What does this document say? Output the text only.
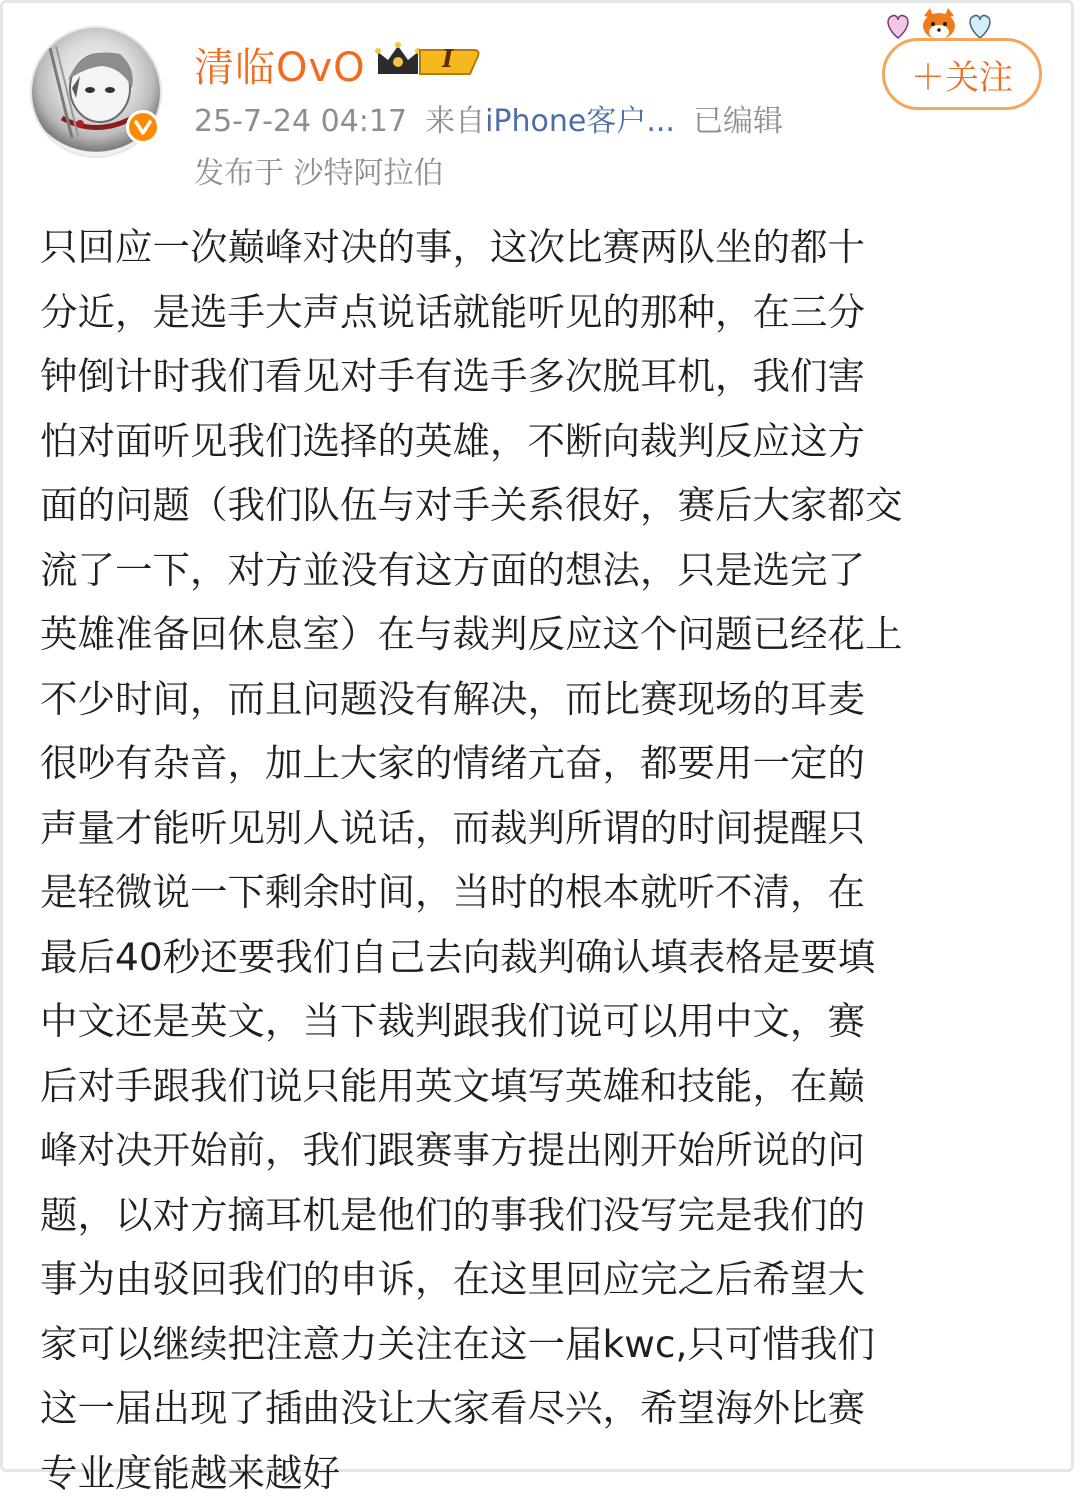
清临OvO	I
25-7-24 04:17 来自iPhone客户... 已编辑
发布于 沙特阿拉伯
＋关注
只回应一次巅峰对决的事，这次比赛两队坐的都十
分近，是选手大声点说话就能听见的那种，在三分
钟倒计时我们看见对手有选手多次脱耳机，我们害
怕对面听见我们选择的英雄，不断向裁判反应这方
面的问题（我们队伍与对手关系很好，赛后大家都交
流了一下，对方並没有这方面的想法，只是选完了
英雄准备回休息室）在与裁判反应这个问题已经花上
不少时间，而且问题没有解决，而比赛现场的耳麦
很吵有杂音，加上大家的情绪亢奋，都要用一定的
声量才能听见别人说话，而裁判所谓的时间提醒只
是轻微说一下剩余时间，当时的根本就听不清，在
最后40秒还要我们自己去向裁判确认填表格是要填
中文还是英文，当下裁判跟我们说可以用中文，赛
后对手跟我们说只能用英文填写英雄和技能，在巅
峰对决开始前，我们跟赛事方提出刚开始所说的问
题，以对方摘耳机是他们的事我们没写完是我们的
事为由驳回我们的申诉，在这里回应完之后希望大
家可以继续把注意力关注在这一届kwc,只可惜我们
这一届出现了插曲没让大家看尽兴，希望海外比赛
专业度能越来越好
